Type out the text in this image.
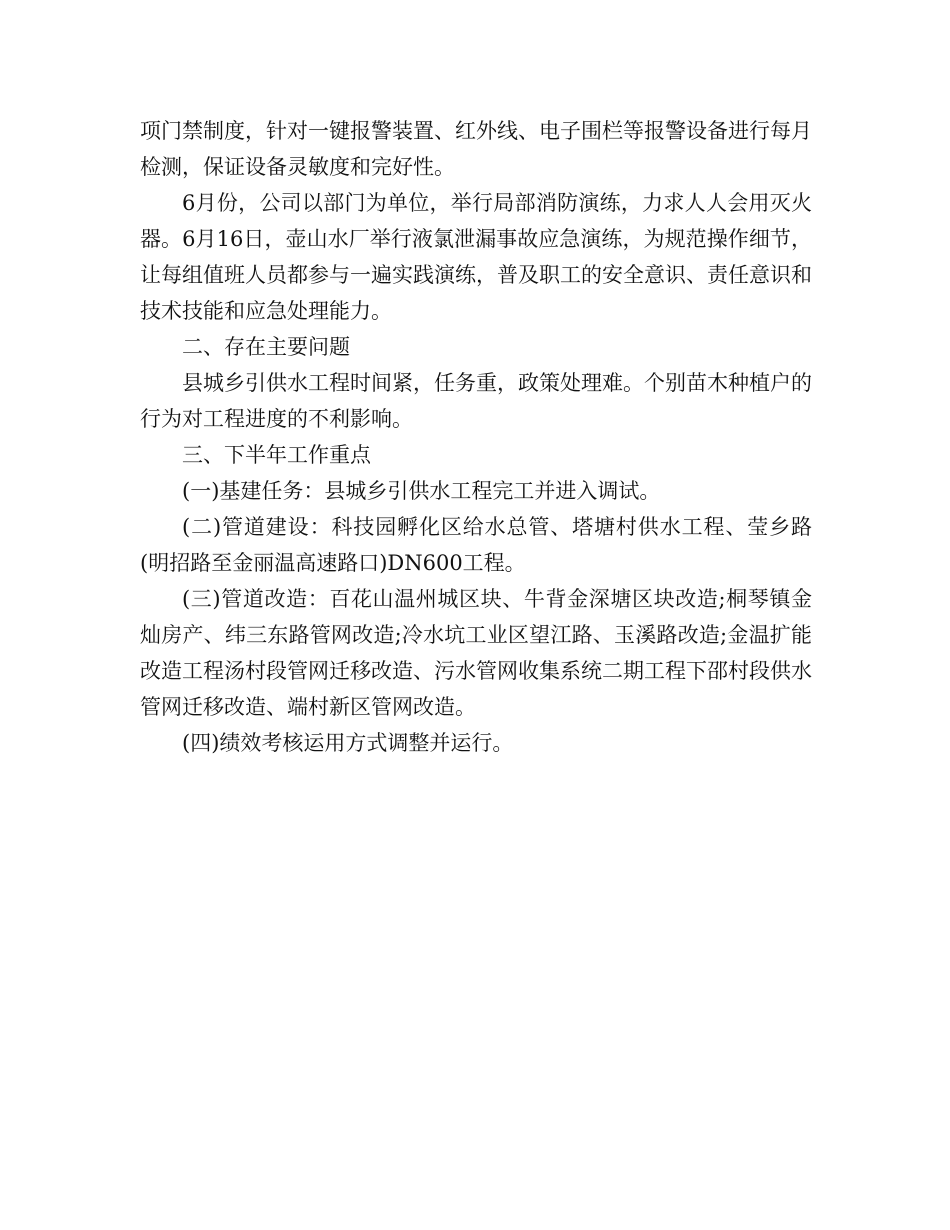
项门禁制度，针对一键报警装置、红外线、电子围栏等报警设备进行每月检测，保证设备灵敏度和完好性。

6月份，公司以部门为单位，举行局部消防演练，力求人人会用灭火器。6月16日，壶山水厂举行液氯泄漏事故应急演练，为规范操作细节，让每组值班人员都参与一遍实践演练，普及职工的安全意识、责任意识和技术技能和应急处理能力。

二、存在主要问题

县城乡引供水工程时间紧，任务重，政策处理难。个别苗木种植户的行为对工程进度的不利影响。

三、下半年工作重点

(一)基建任务：县城乡引供水工程完工并进入调试。

(二)管道建设：科技园孵化区给水总管、塔塘村供水工程、莹乡路(明招路至金丽温高速路口)DN600工程。

(三)管道改造：百花山温州城区块、牛背金深塘区块改造;桐琴镇金灿房产、纬三东路管网改造;冷水坑工业区望江路、玉溪路改造;金温扩能改造工程汤村段管网迁移改造、污水管网收集系统二期工程下邵村段供水管网迁移改造、端村新区管网改造。

(四)绩效考核运用方式调整并运行。
